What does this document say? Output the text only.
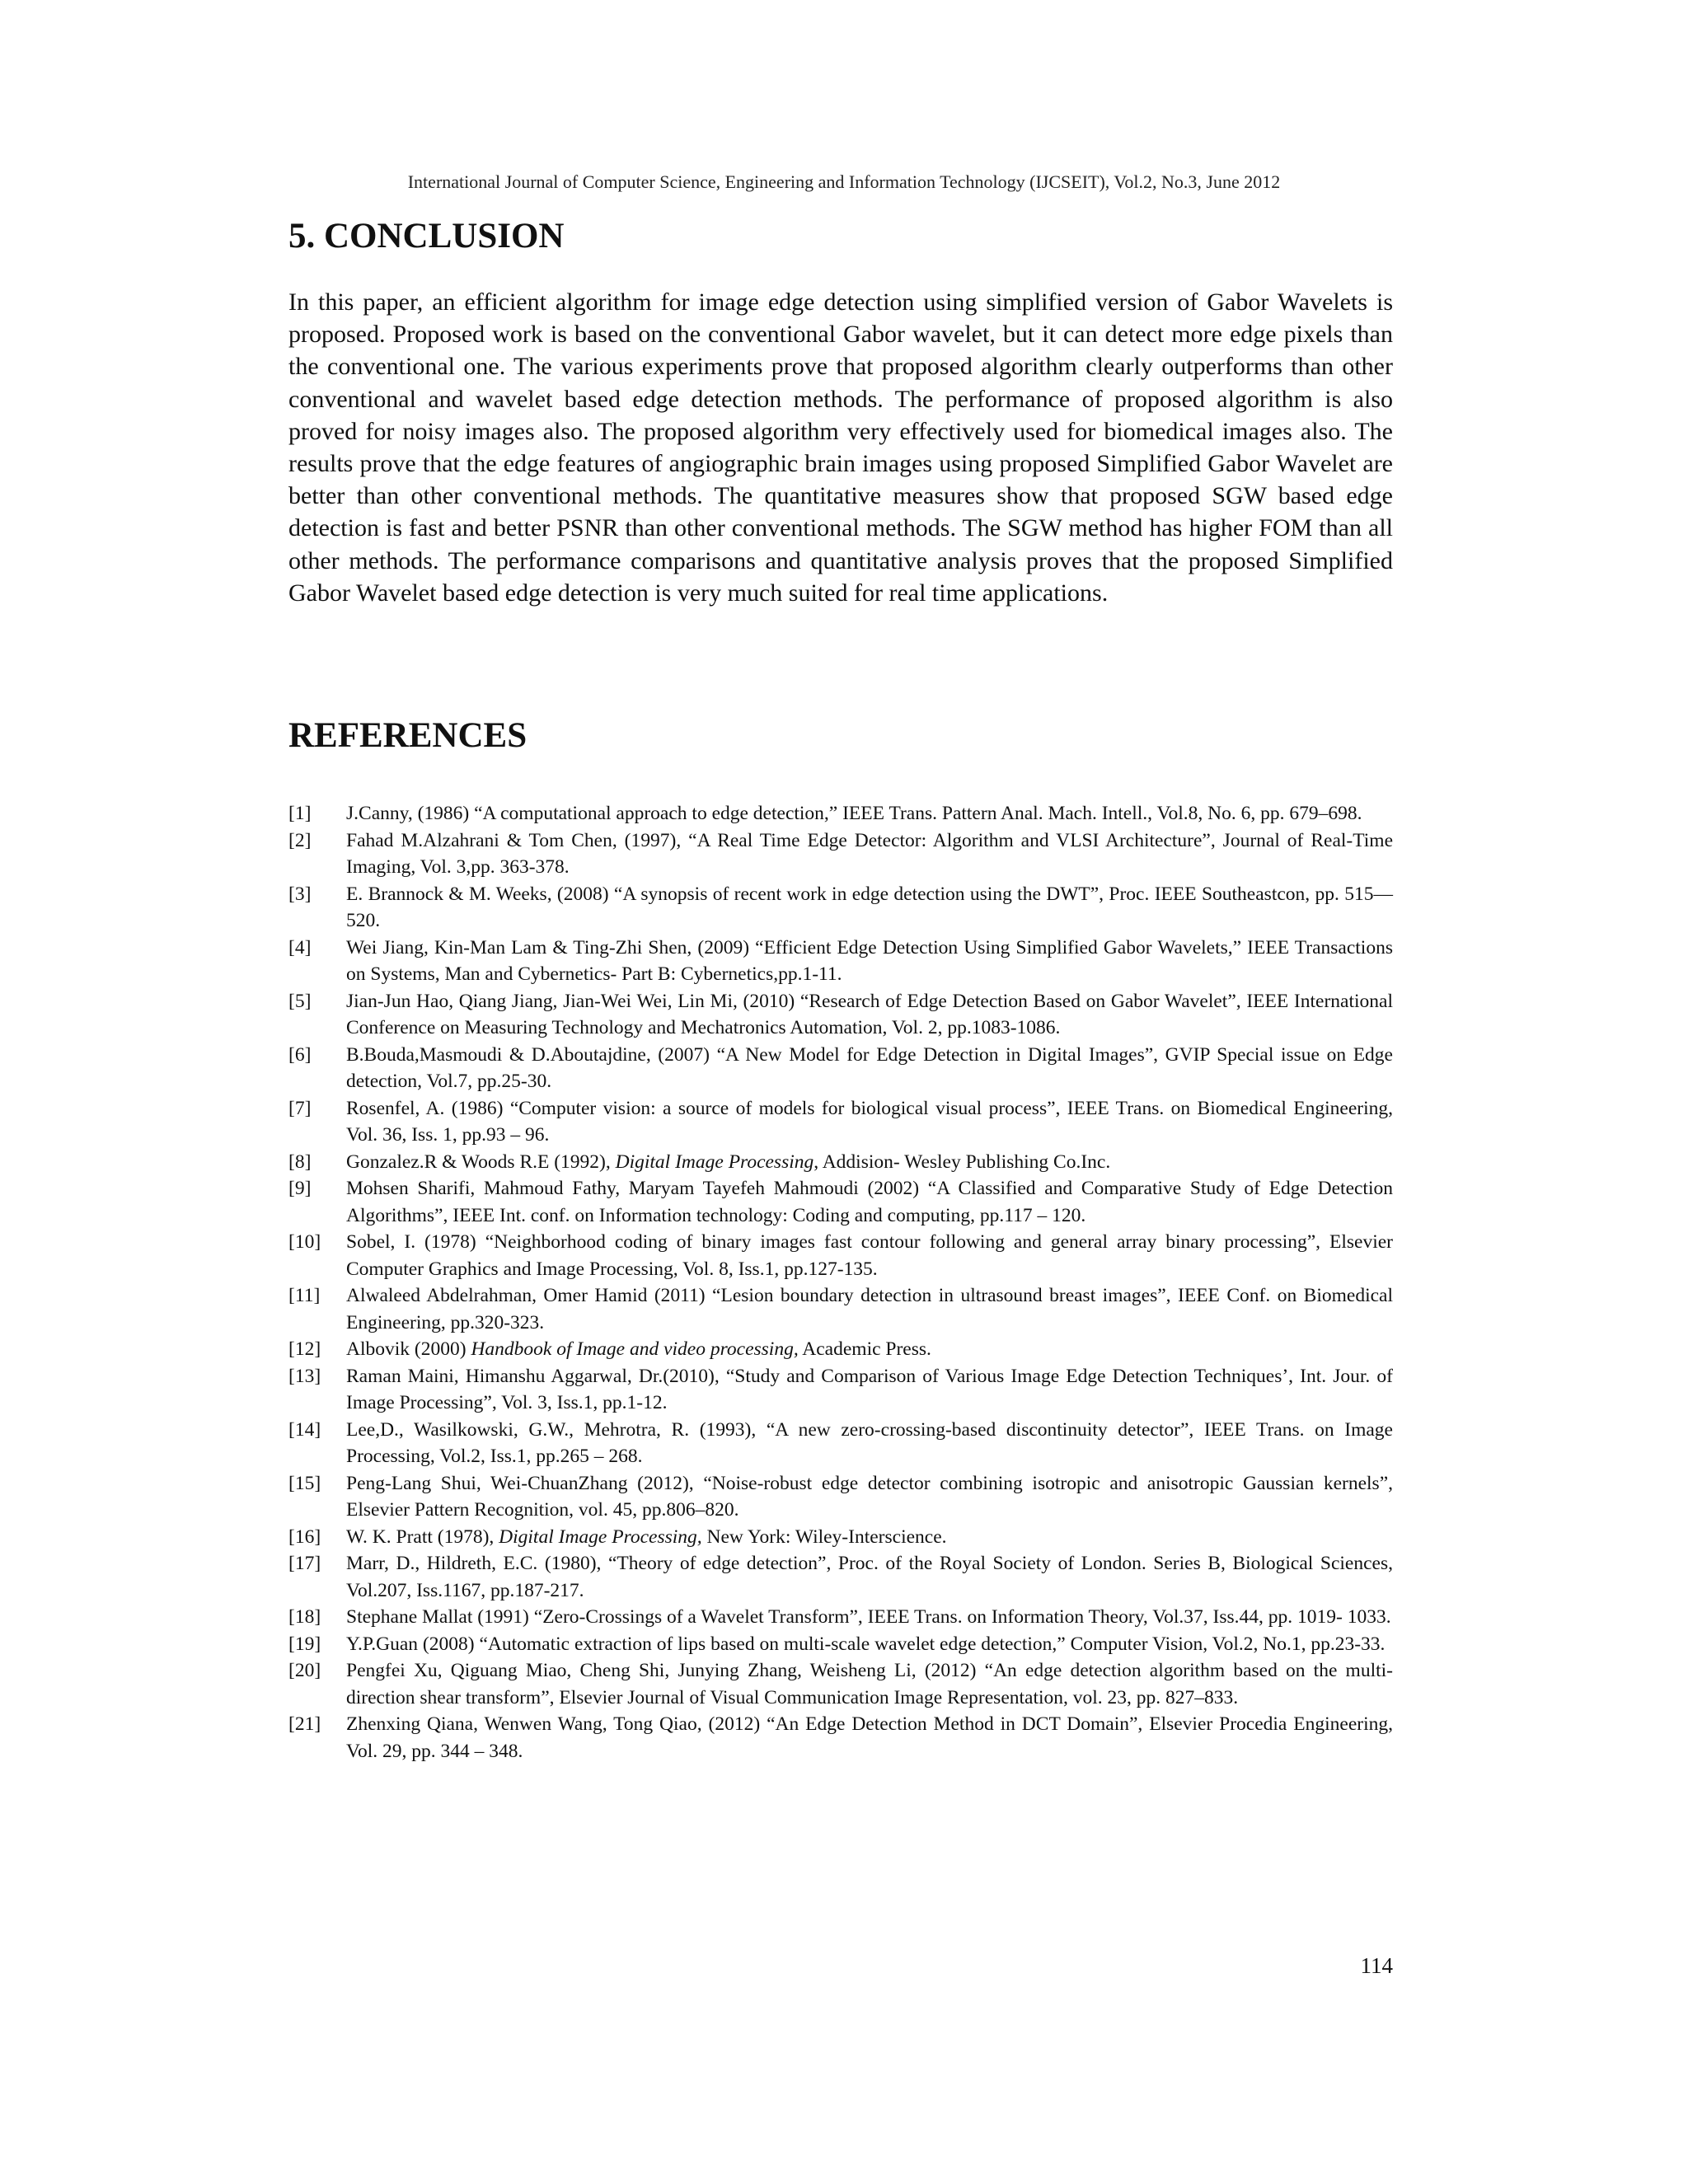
International Journal of Computer Science, Engineering and Information Technology (IJCSEIT), Vol.2, No.3, June 2012
5. CONCLUSION

In this paper, an efficient algorithm for image edge detection using simplified version of Gabor Wavelets is proposed. Proposed work is based on the conventional Gabor wavelet, but it can detect more edge pixels than the conventional one. The various experiments prove that proposed algorithm clearly outperforms than other conventional and wavelet based edge detection methods. The performance of proposed algorithm is also proved for noisy images also. The proposed algorithm very effectively used for biomedical images also. The results prove that the edge features of angiographic brain images using proposed Simplified Gabor Wavelet are better than other conventional methods. The quantitative measures show that proposed SGW based edge detection is fast and better PSNR than other conventional methods. The SGW method has higher FOM than all other methods. The performance comparisons and quantitative analysis proves that the proposed Simplified Gabor Wavelet based edge detection is very much suited for real time applications.

REFERENCES
[1] J.Canny, (1986) “A computational approach to edge detection,” IEEE Trans. Pattern Anal. Mach. Intell., Vol.8, No. 6, pp. 679–698.
[2] Fahad M.Alzahrani & Tom Chen, (1997), “A Real Time Edge Detector: Algorithm and VLSI Architecture”, Journal of Real-Time Imaging, Vol. 3,pp. 363-378.
[3] E. Brannock & M. Weeks, (2008) “A synopsis of recent work in edge detection using the DWT”, Proc. IEEE Southeastcon, pp. 515—520.
[4] Wei Jiang, Kin-Man Lam & Ting-Zhi Shen, (2009) “Efficient Edge Detection Using Simplified Gabor Wavelets,” IEEE Transactions on Systems, Man and Cybernetics- Part B: Cybernetics,pp.1-11.
[5] Jian-Jun Hao, Qiang Jiang, Jian-Wei Wei, Lin Mi, (2010) “Research of Edge Detection Based on Gabor Wavelet”, IEEE International Conference on Measuring Technology and Mechatronics Automation, Vol. 2, pp.1083-1086.
[6] B.Bouda,Masmoudi & D.Aboutajdine, (2007) “A New Model for Edge Detection in Digital Images”, GVIP Special issue on Edge detection, Vol.7, pp.25-30.
[7] Rosenfel, A. (1986) “Computer vision: a source of models for biological visual process”, IEEE Trans. on Biomedical Engineering, Vol. 36, Iss. 1, pp.93 – 96.
[8] Gonzalez.R & Woods R.E (1992), Digital Image Processing, Addision- Wesley Publishing Co.Inc.
[9] Mohsen Sharifi, Mahmoud Fathy, Maryam Tayefeh Mahmoudi (2002) “A Classified and Comparative Study of Edge Detection Algorithms”, IEEE Int. conf. on Information technology: Coding and computing, pp.117 – 120.
[10] Sobel, I. (1978) “Neighborhood coding of binary images fast contour following and general array binary processing”, Elsevier Computer Graphics and Image Processing, Vol. 8, Iss.1, pp.127-135.
[11] Alwaleed Abdelrahman, Omer Hamid (2011) “Lesion boundary detection in ultrasound breast images”, IEEE Conf. on Biomedical Engineering, pp.320-323.
[12] Albovik (2000) Handbook of Image and video processing, Academic Press.
[13] Raman Maini, Himanshu Aggarwal, Dr.(2010), “Study and Comparison of Various Image Edge Detection Techniques’, Int. Jour. of Image Processing”, Vol. 3, Iss.1, pp.1-12.
[14] Lee,D., Wasilkowski, G.W., Mehrotra, R. (1993), “A new zero-crossing-based discontinuity detector”, IEEE Trans. on Image Processing, Vol.2, Iss.1, pp.265 – 268.
[15] Peng-Lang Shui, Wei-ChuanZhang (2012), “Noise-robust edge detector combining isotropic and anisotropic Gaussian kernels”, Elsevier Pattern Recognition, vol. 45, pp.806–820.
[16] W. K. Pratt (1978), Digital Image Processing, New York: Wiley-Interscience.
[17] Marr, D., Hildreth, E.C. (1980), “Theory of edge detection”, Proc. of the Royal Society of London. Series B, Biological Sciences, Vol.207, Iss.1167, pp.187-217.
[18] Stephane Mallat (1991) “Zero-Crossings of a Wavelet Transform”, IEEE Trans. on Information Theory, Vol.37, Iss.44, pp. 1019- 1033.
[19] Y.P.Guan (2008) “Automatic extraction of lips based on multi-scale wavelet edge detection,” Computer Vision, Vol.2, No.1, pp.23-33.
[20] Pengfei Xu, Qiguang Miao, Cheng Shi, Junying Zhang, Weisheng Li, (2012) “An edge detection algorithm based on the multi-direction shear transform”, Elsevier Journal of Visual Communication Image Representation, vol. 23, pp. 827–833.
[21] Zhenxing Qiana, Wenwen Wang, Tong Qiao, (2012) “An Edge Detection Method in DCT Domain”, Elsevier Procedia Engineering, Vol. 29, pp. 344 – 348.
114
